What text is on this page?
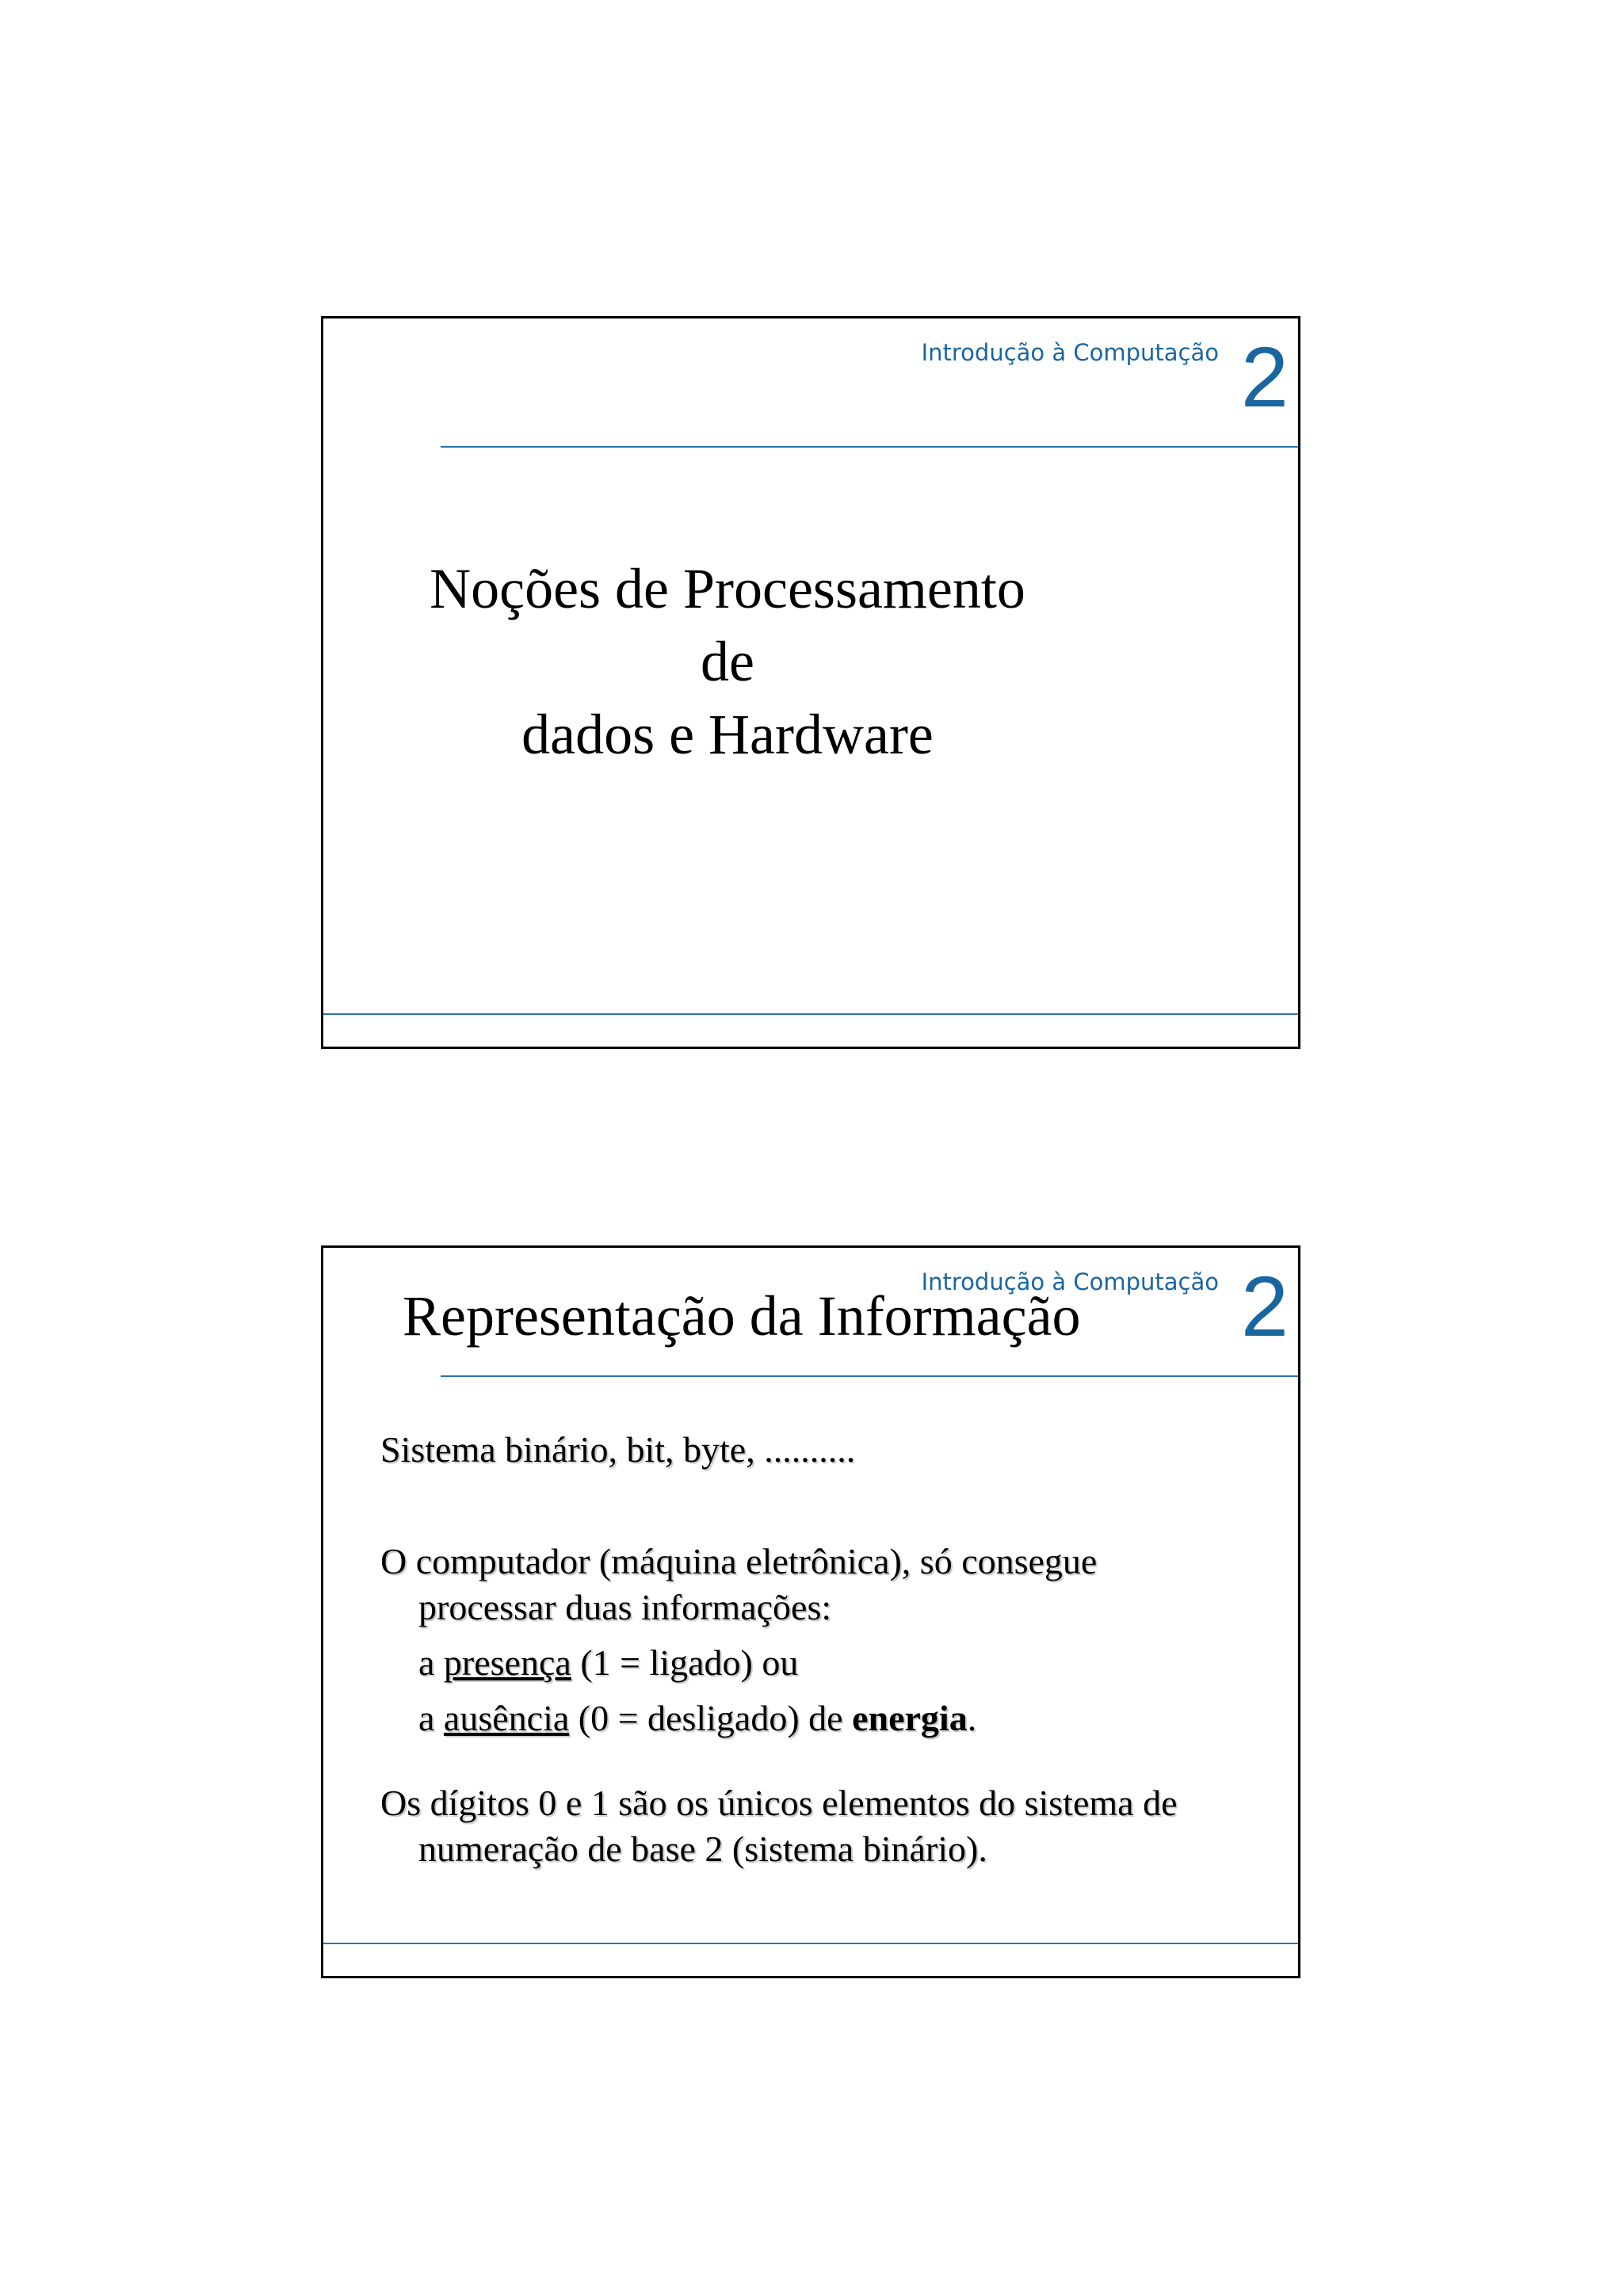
Introdução à Computação 2
Noções de Processamento de
dados e Hardware
Introdução à Computação 2
Representação da Informação
Sistema binário, bit, byte, ..........
O computador (máquina eletrônica), só consegue
processar duas informações:
a presença (1 = ligado) ou
a ausência (0 = desligado) de energia.
Os dígitos 0 e 1 são os únicos elementos do sistema de
numeração de base 2 (sistema binário).
